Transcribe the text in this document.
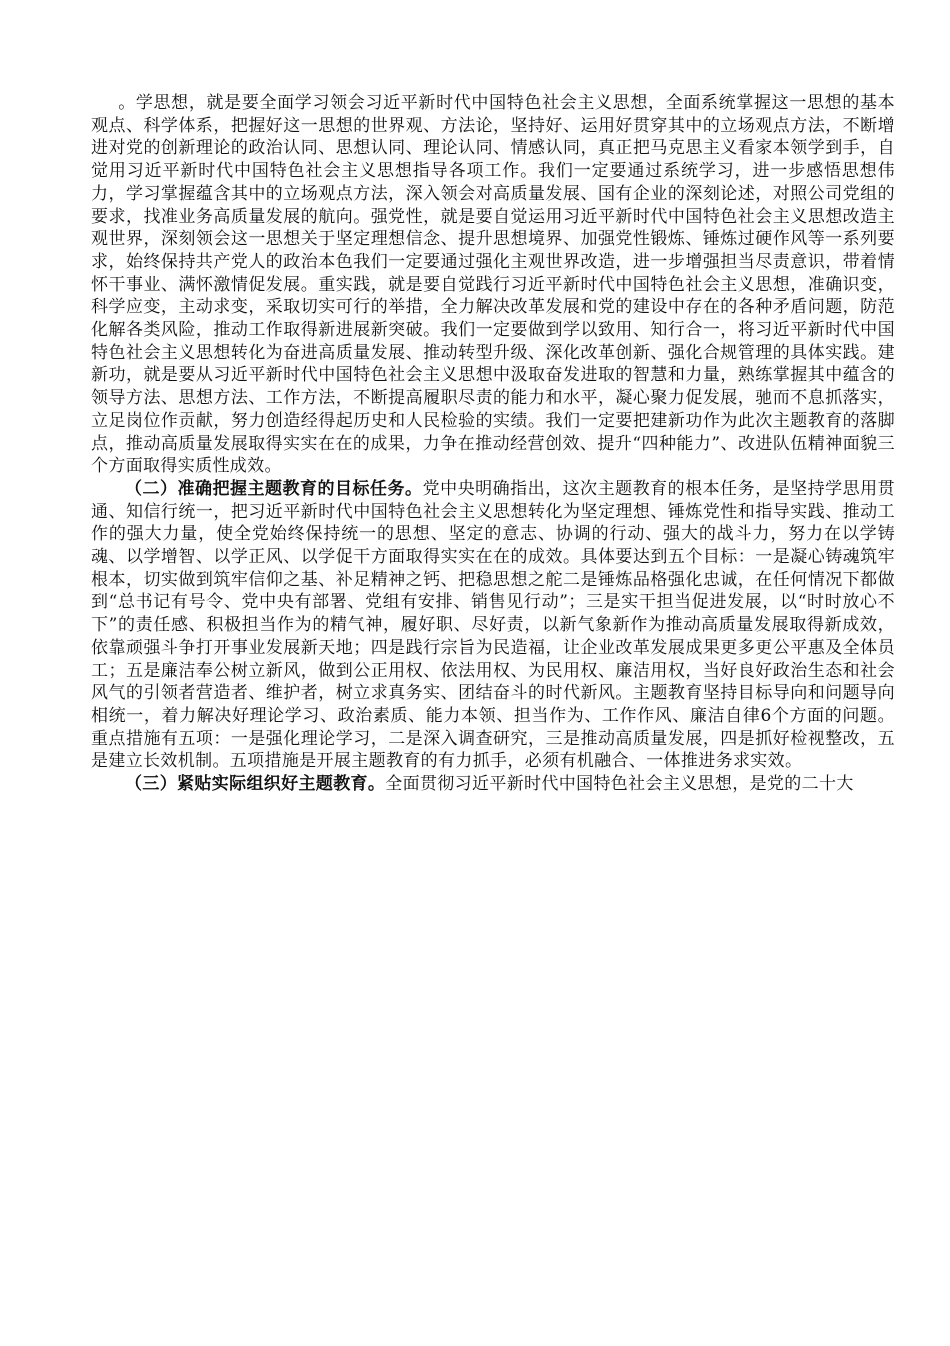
。学思想，就是要全面学习领会习近平新时代中国特色社会主义思想，全面系统掌握这一思想的基本观点、科学体系，把握好这一思想的世界观、方法论，坚持好、运用好贯穿其中的立场观点方法，不断增进对党的创新理论的政治认同、思想认同、理论认同、情感认同，真正把马克思主义看家本领学到手，自觉用习近平新时代中国特色社会主义思想指导各项工作。我们一定要通过系统学习，进一步感悟思想伟力，学习掌握蕴含其中的立场观点方法，深入领会对高质量发展、国有企业的深刻论述，对照公司党组的要求，找准业务高质量发展的航向。强党性，就是要自觉运用习近平新时代中国特色社会主义思想改造主观世界，深刻领会这一思想关于坚定理想信念、提升思想境界、加强党性锻炼、锤炼过硬作风等一系列要求，始终保持共产党人的政治本色我们一定要通过强化主观世界改造，进一步增强担当尽责意识，带着情怀干事业、满怀激情促发展。重实践，就是要自觉践行习近平新时代中国特色社会主义思想，准确识变，科学应变，主动求变，采取切实可行的举措，全力解决改革发展和党的建设中存在的各种矛盾问题，防范化解各类风险，推动工作取得新进展新突破。我们一定要做到学以致用、知行合一，将习近平新时代中国特色社会主义思想转化为奋进高质量发展、推动转型升级、深化改革创新、强化合规管理的具体实践。建新功，就是要从习近平新时代中国特色社会主义思想中汲取奋发进取的智慧和力量，熟练掌握其中蕴含的领导方法、思想方法、工作方法，不断提高履职尽责的能力和水平，凝心聚力促发展，驰而不息抓落实，立足岗位作贡献，努力创造经得起历史和人民检验的实绩。我们一定要把建新功作为此次主题教育的落脚点，推动高质量发展取得实实在在的成果，力争在推动经营创效、提升“四种能力”、改进队伍精神面貌三个方面取得实质性成效。

（二）准确把握主题教育的目标任务。党中央明确指出，这次主题教育的根本任务，是坚持学思用贯通、知信行统一，把习近平新时代中国特色社会主义思想转化为坚定理想、锤炼党性和指导实践、推动工作的强大力量，使全党始终保持统一的思想、坚定的意志、协调的行动、强大的战斗力，努力在以学铸魂、以学增智、以学正风、以学促干方面取得实实在在的成效。具体要达到五个目标：一是凝心铸魂筑牢根本，切实做到筑牢信仰之基、补足精神之钙、把稳思想之舵二是锤炼品格强化忠诚，在任何情况下都做到“总书记有号令、党中央有部署、党组有安排、销售见行动”；三是实干担当促进发展，以“时时放心不下”的责任感、积极担当作为的精气神，履好职、尽好责，以新气象新作为推动高质量发展取得新成效，依靠顽强斗争打开事业发展新天地；四是践行宗旨为民造福，让企业改革发展成果更多更公平惠及全体员工；五是廉洁奉公树立新风，做到公正用权、依法用权、为民用权、廉洁用权，当好良好政治生态和社会风气的引领者营造者、维护者，树立求真务实、团结奋斗的时代新风。主题教育坚持目标导向和问题导向相统一，着力解决好理论学习、政治素质、能力本领、担当作为、工作作风、廉洁自律6个方面的问题。重点措施有五项：一是强化理论学习，二是深入调查研究，三是推动高质量发展，四是抓好检视整改，五是建立长效机制。五项措施是开展主题教育的有力抓手，必须有机融合、一体推进务求实效。

（三）紧贴实际组织好主题教育。全面贯彻习近平新时代中国特色社会主义思想，是党的二十大
